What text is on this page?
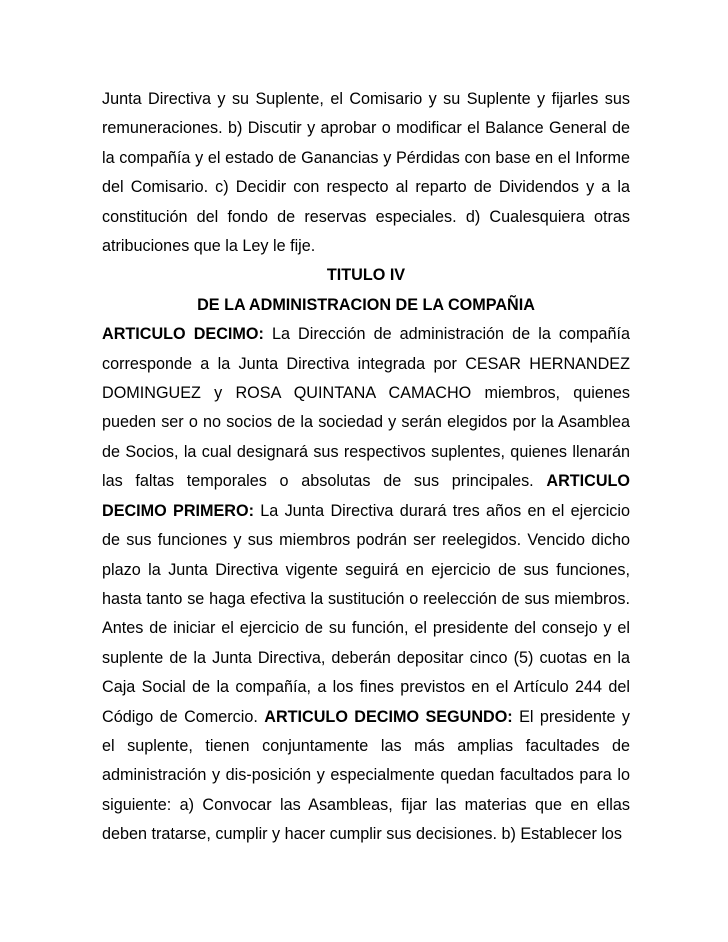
Junta Directiva y su Suplente, el Comisario y su Suplente y fijarles sus remuneraciones. b) Discutir y aprobar o modificar el Balance General de la compañía y el estado de Ganancias y Pérdidas con base en el Informe del Comisario. c) Decidir con respecto al reparto de Dividendos y a la constitución del fondo de reservas especiales. d) Cualesquiera otras atribuciones que la Ley le fije.

TITULO IV

DE LA ADMINISTRACION DE LA COMPAÑIA

ARTICULO DECIMO: La Dirección de administración de la compañía corresponde a la Junta Directiva integrada por CESAR HERNANDEZ DOMINGUEZ y ROSA QUINTANA CAMACHO miembros, quienes pueden ser o no socios de la sociedad y serán elegidos por la Asamblea de Socios, la cual designará sus respectivos suplentes, quienes llenarán las faltas temporales o absolutas de sus principales. ARTICULO DECIMO PRIMERO: La Junta Directiva durará tres años en el ejercicio de sus funciones y sus miembros podrán ser reelegidos. Vencido dicho plazo la Junta Directiva vigente seguirá en ejercicio de sus funciones, hasta tanto se haga efectiva la sustitución o reelección de sus miembros. Antes de iniciar el ejercicio de su función, el presidente del consejo y el suplente de la Junta Directiva, deberán depositar cinco (5) cuotas en la Caja Social de la compañía, a los fines previstos en el Artículo 244 del Código de Comercio. ARTICULO DECIMO SEGUNDO: El presidente y el suplente, tienen conjuntamente las más amplias facultades de administración y dis-posición y especialmente quedan facultados para lo siguiente: a) Convocar las Asambleas, fijar las materias que en ellas deben tratarse, cumplir y hacer cumplir sus decisiones. b) Establecer los
